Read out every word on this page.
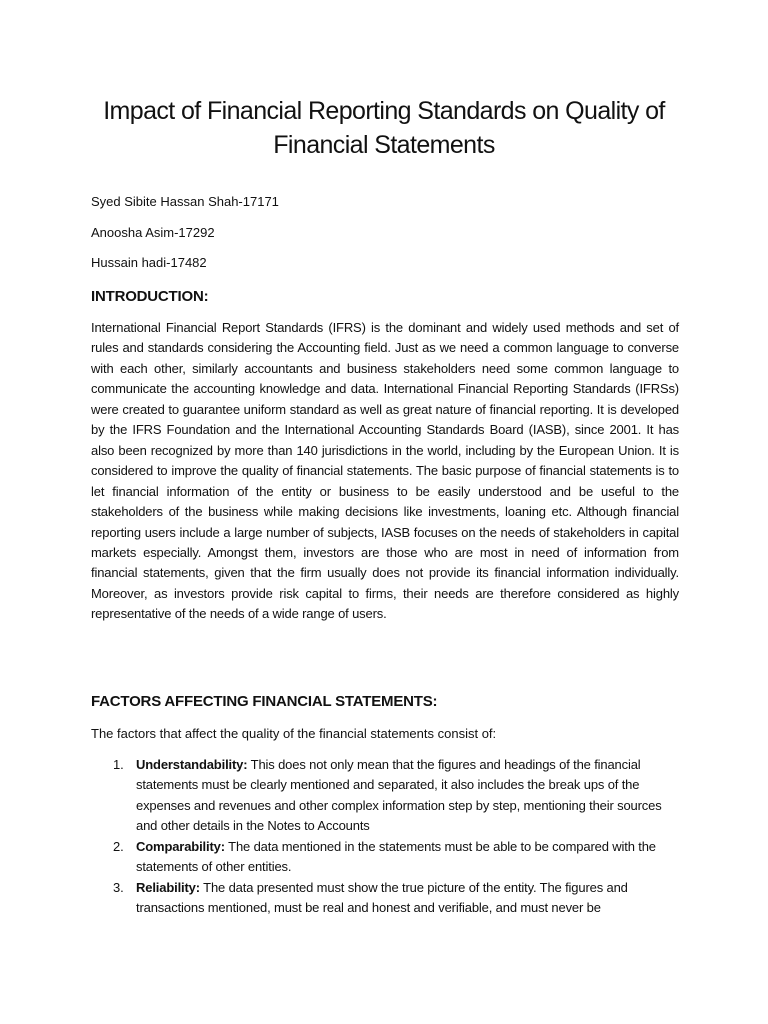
Impact of Financial Reporting Standards on Quality of Financial Statements

Syed Sibite Hassan Shah-17171

Anoosha Asim-17292

Hussain hadi-17482

INTRODUCTION:

International Financial Report Standards (IFRS) is the dominant and widely used methods and set of rules and standards considering the Accounting field. Just as we need a common language to converse with each other, similarly accountants and business stakeholders need some common language to communicate the accounting knowledge and data. International Financial Reporting Standards (IFRSs) were created to guarantee uniform standard as well as great nature of financial reporting. It is developed by the IFRS Foundation and the International Accounting Standards Board (IASB), since 2001. It has also been recognized by more than 140 jurisdictions in the world, including by the European Union. It is considered to improve the quality of financial statements. The basic purpose of financial statements is to let financial information of the entity or business to be easily understood and be useful to the stakeholders of the business while making decisions like investments, loaning etc. Although financial reporting users include a large number of subjects, IASB focuses on the needs of stakeholders in capital markets especially. Amongst them, investors are those who are most in need of information from financial statements, given that the firm usually does not provide its financial information individually. Moreover, as investors provide risk capital to firms, their needs are therefore considered as highly representative of the needs of a wide range of users.

FACTORS AFFECTING FINANCIAL STATEMENTS:

The factors that affect the quality of the financial statements consist of:

1. Understandability: This does not only mean that the figures and headings of the financial statements must be clearly mentioned and separated, it also includes the break ups of the expenses and revenues and other complex information step by step, mentioning their sources and other details in the Notes to Accounts
2. Comparability: The data mentioned in the statements must be able to be compared with the statements of other entities.
3. Reliability: The data presented must show the true picture of the entity. The figures and transactions mentioned, must be real and honest and verifiable, and must never be
